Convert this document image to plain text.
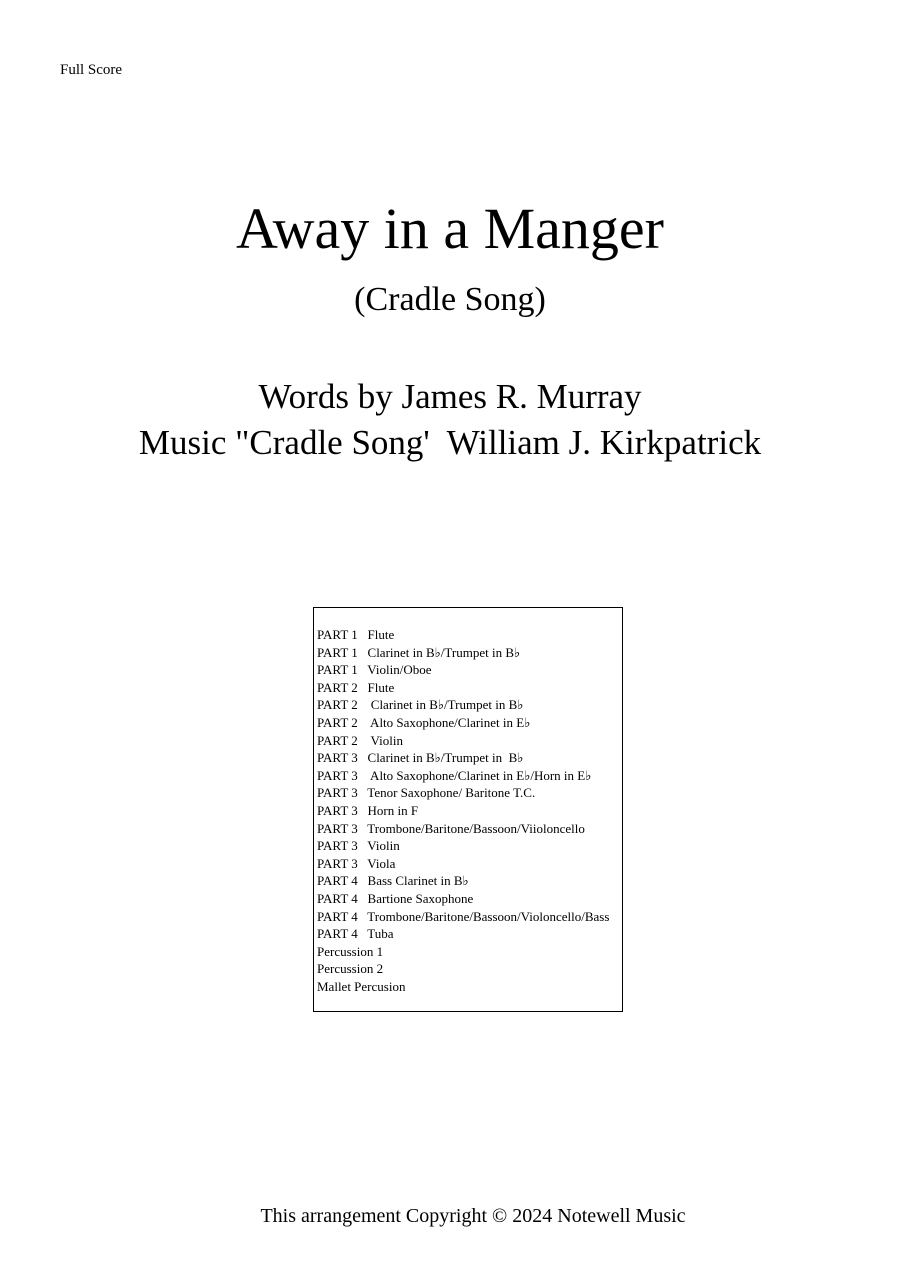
Full Score
Away in a Manger
(Cradle Song)
Words by James R. Murray
Music "Cradle Song'  William J. Kirkpatrick
PART 1   Flute
PART 1   Clarinet in B♭/Trumpet in B♭
PART 1   Violin/Oboe
PART 2   Flute
PART 2    Clarinet in B♭/Trumpet in B♭
PART 2    Alto Saxophone/Clarinet in E♭
PART 2    Violin
PART 3   Clarinet in B♭/Trumpet in  B♭
PART 3    Alto Saxophone/Clarinet in E♭/Horn in E♭
PART 3   Tenor Saxophone/ Baritone T.C.
PART 3   Horn in F
PART 3   Trombone/Baritone/Bassoon/Viioloncello
PART 3   Violin
PART 3   Viola
PART 4   Bass Clarinet in B♭
PART 4   Bartione Saxophone
PART 4   Trombone/Baritone/Bassoon/Violoncello/Bass
PART 4   Tuba
Percussion 1
Percussion 2
Mallet Percusion
This arrangement Copyright © 2024 Notewell Music
